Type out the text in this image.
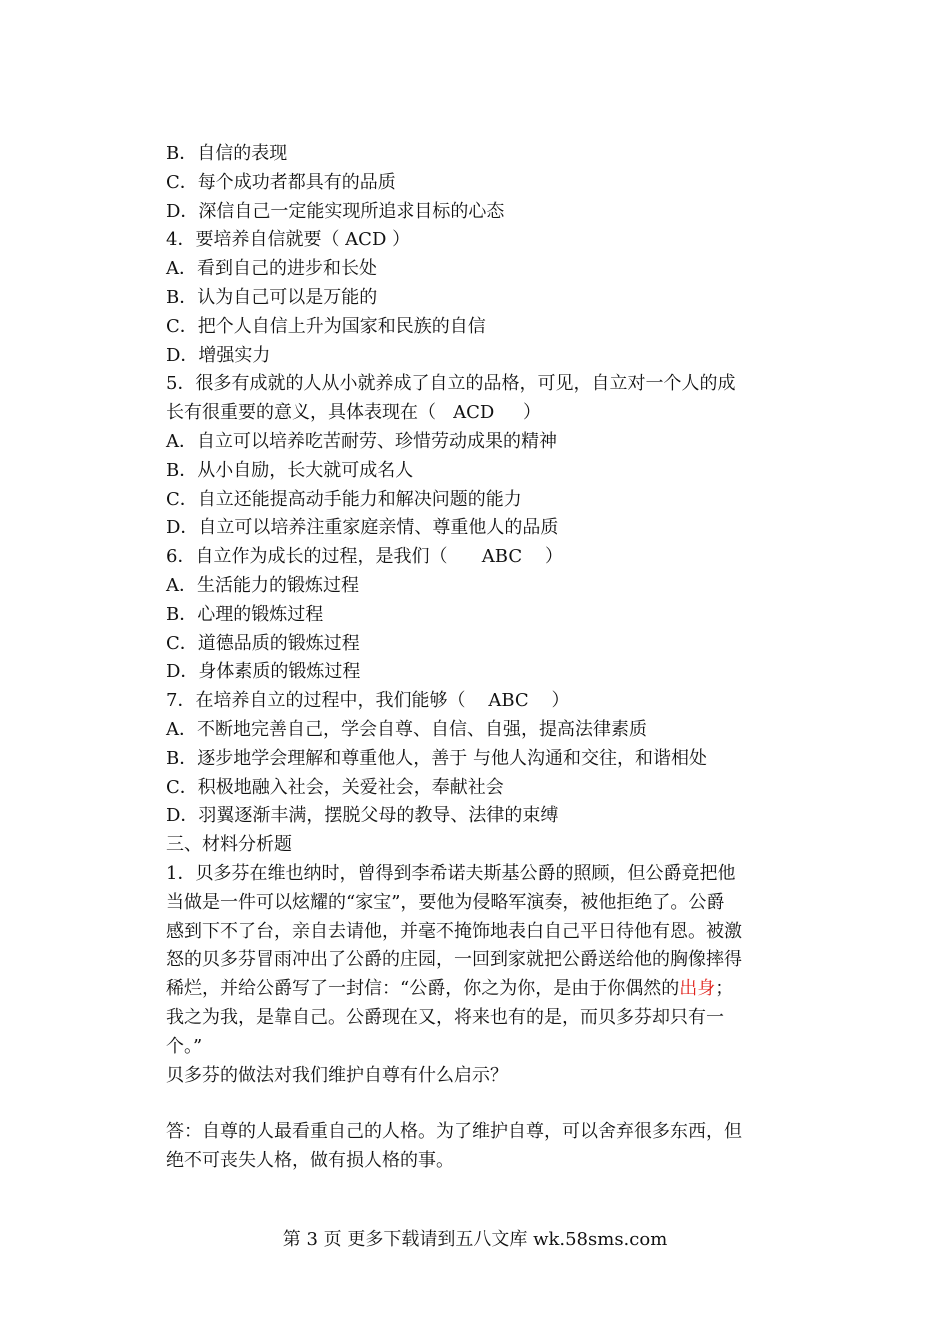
B．自信的表现
C．每个成功者都具有的品质
D．深信自己一定能实现所追求目标的心态
4．要培养自信就要（ ACD ）
A．看到自己的进步和长处
B．认为自己可以是万能的
C．把个人自信上升为国家和民族的自信
D．增强实力
5．很多有成就的人从小就养成了自立的品格，可见，自立对一个人的成
长有很重要的意义，具体表现在（   ACD     ）
A．自立可以培养吃苦耐劳、珍惜劳动成果的精神
B．从小自励，长大就可成名人
C．自立还能提高动手能力和解决问题的能力
D．自立可以培养注重家庭亲情、尊重他人的品质
6．自立作为成长的过程，是我们（      ABC    ）
A．生活能力的锻炼过程
B．心理的锻炼过程
C．道德品质的锻炼过程
D．身体素质的锻炼过程
7．在培养自立的过程中，我们能够（    ABC    ）
A．不断地完善自己，学会自尊、自信、自强，提高法律素质
B．逐步地学会理解和尊重他人，善于 与他人沟通和交往，和谐相处
C．积极地融入社会，关爱社会，奉献社会
D．羽翼逐渐丰满，摆脱父母的教导、法律的束缚
三、材料分析题
1．贝多芬在维也纳时，曾得到李希诺夫斯基公爵的照顾，但公爵竟把他
当做是一件可以炫耀的“家宝”，要他为侵略军演奏，被他拒绝了。公爵
感到下不了台，亲自去请他，并毫不掩饰地表白自己平日待他有恩。被激
怒的贝多芬冒雨冲出了公爵的庄园，一回到家就把公爵送给他的胸像摔得
稀烂，并给公爵写了一封信：“公爵，你之为你，是由于你偶然的出身；
我之为我，是靠自己。公爵现在又，将来也有的是，而贝多芬却只有一
个。”
贝多芬的做法对我们维护自尊有什么启示？
答：自尊的人最看重自己的人格。为了维护自尊，可以舍弃很多东西，但
绝不可丧失人格，做有损人格的事。
第 3 页 更多下载请到五八文库 wk.58sms.com
